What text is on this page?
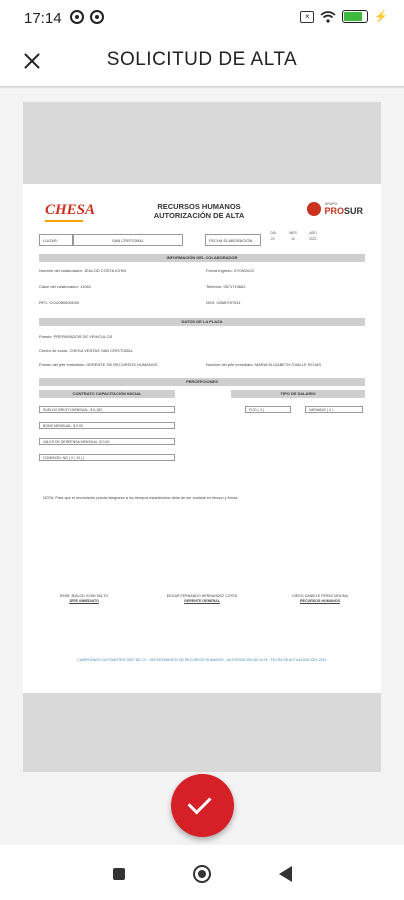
17:14	×	⚡
SOLICITUD DE ALTA
CHESA	RECURSOS HUMANOS AUTORIZACIÓN DE ALTA
GRUPO
PROSUR
LUGAR:	SAN CRISTOBAL	FECHA ELABORACIÓN
DÍA	MES	AÑO
21	10	2021
INFORMACIÓN DEL COLABORADOR
Nombre del colaborador: JEALOD COSTA ICHIN	Fecha Ingreso: 07/09/2022
Clave del colaborador: 11062	Telefono: 9671719662
RFC: COIJ080600D00	NSS: 02680797611
DATOS DE LA PLAZA
Puesto: PREPARADOR DE VEHICULOS
Centro de costo: CHESA VENTAS SAN CRISTOBAL
Puesto del jefe inmediato: GERENTE DE RECURSOS HUMANOS	Nombre del jefe inmediato: MARIA ELIZABETH OVALLE ROJAS
PERCEPCIONES
CONTRATO CAPACITACIÓN INICIAL	TIPO DE SALARIO
SUELDO BRUTO MENSUAL: $ 5,182	FIJO ( X )	VARIABLE ( X )
BONO MENSUAL: $ 0.00
VALES DE DESPENSA MENSUAL: $ 0.00
COMISION: NO ( X ) SI ( )
NOTA: Para que el movimiento pueda integrarse a los tiempos establecidos debe de ser enviado en tiempo y forma.
RENE JEALOD ICHIN SALTO
JEFE INMEDIATO
EDGAR FERNANDO HERNANDEZ COSTA
GERENTE GENERAL
DIEGO DANIELE PEREZ MOLINA
RECURSOS HUMANOS
CAMPEONATO AUTOMOTRIZ SAPI DE CV · DEPARTAMENTO DE RECURSOS HUMANOS · AUTORIZACIÓN DE ALTA · FECHA DE ACTUALIZACIÓN: 2021
